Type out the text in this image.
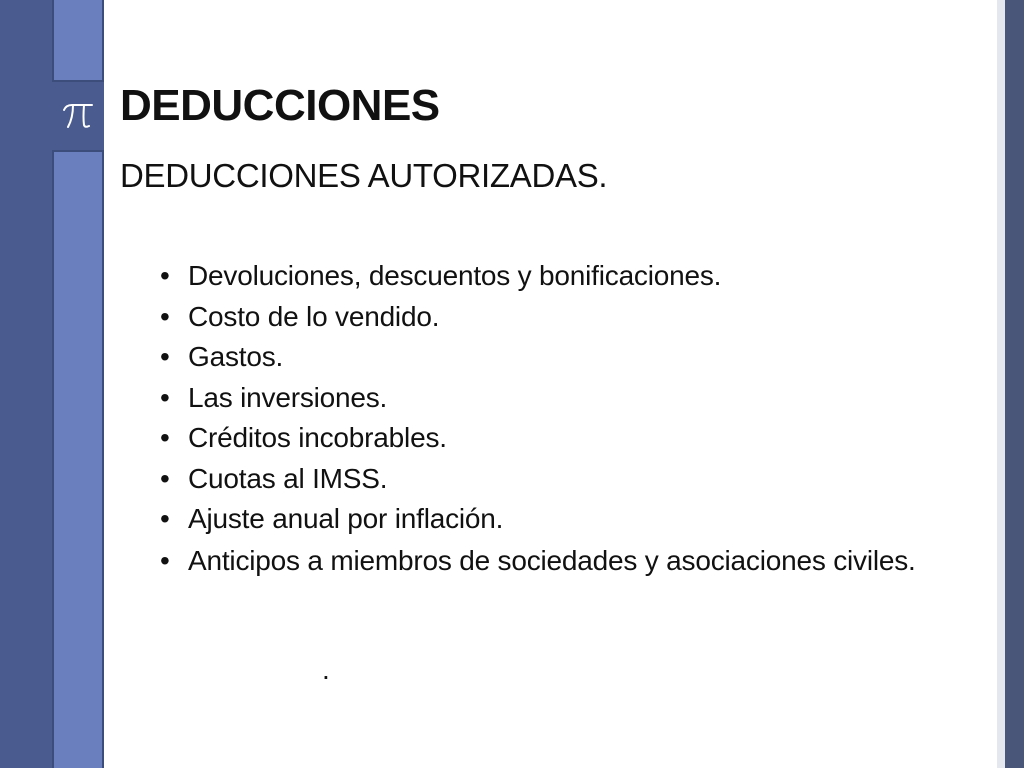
DEDUCCIONES
DEDUCCIONES AUTORIZADAS.
• Devoluciones, descuentos y bonificaciones.
• Costo de lo vendido.
• Gastos.
• Las inversiones.
• Créditos incobrables.
• Cuotas al IMSS.
• Ajuste anual por inflación.
• Anticipos a miembros de sociedades y asociaciones civiles.
.
